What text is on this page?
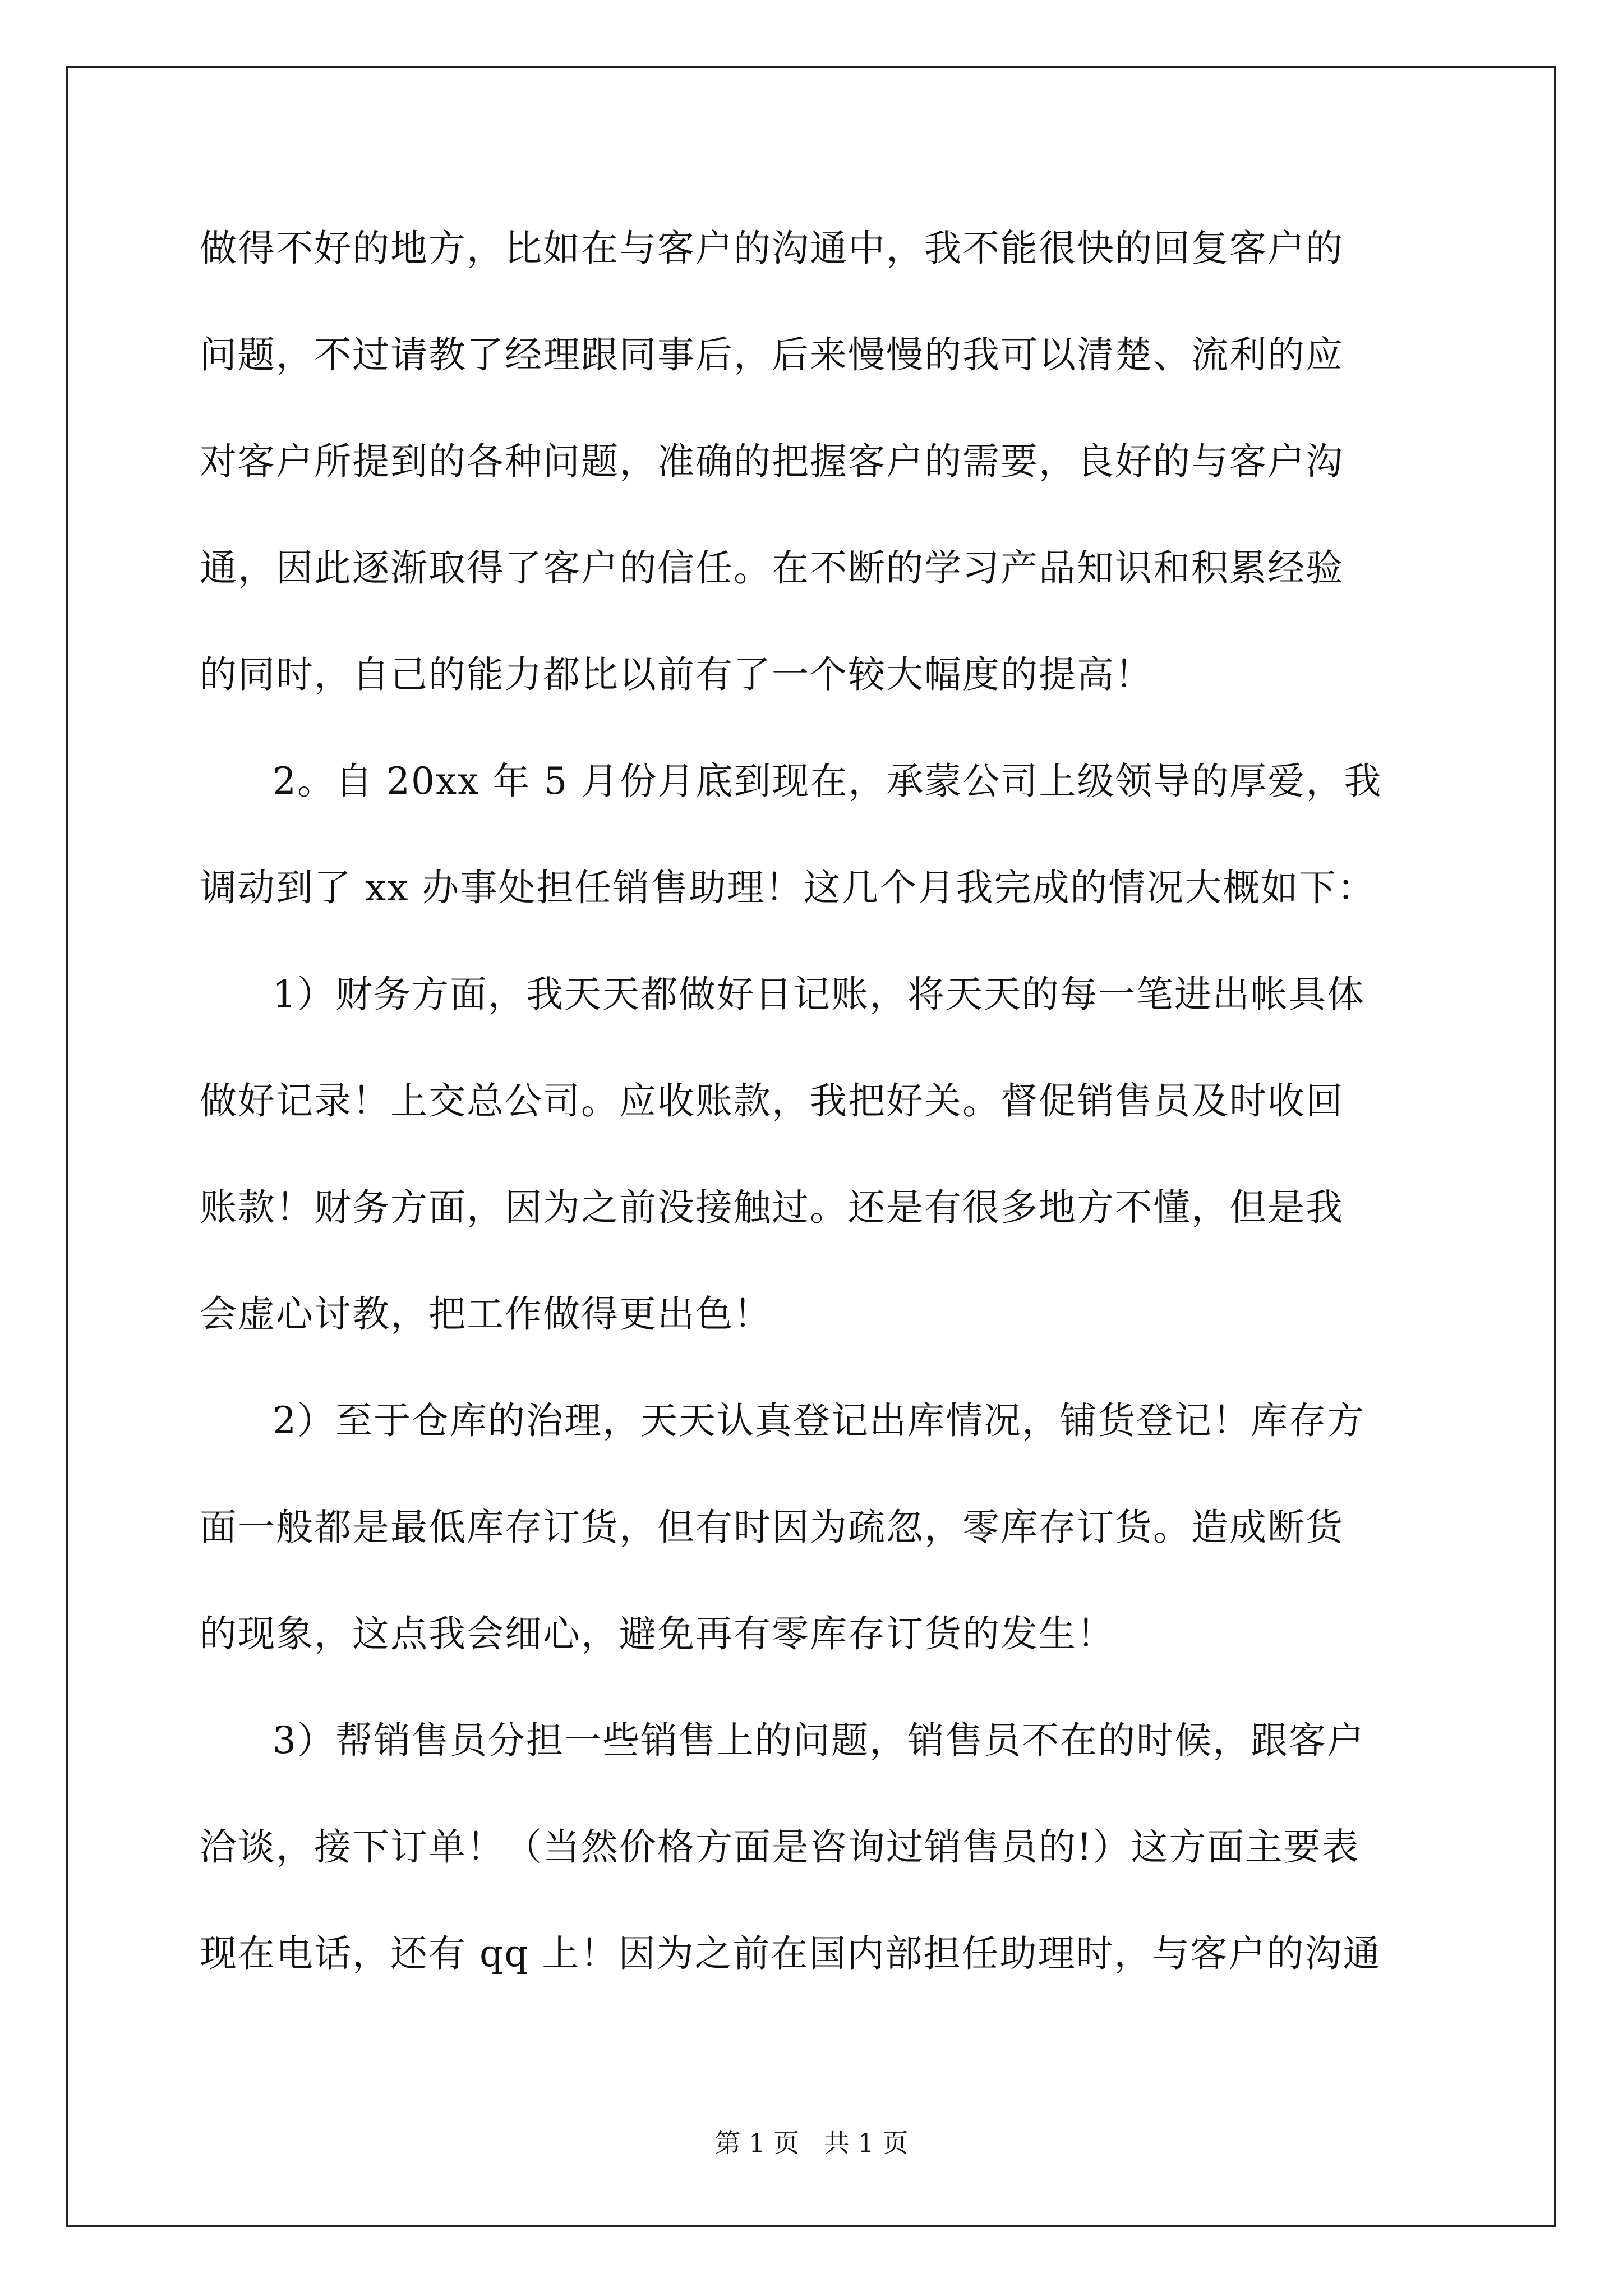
做得不好的地方，比如在与客户的沟通中，我不能很快的回复客户的
问题，不过请教了经理跟同事后，后来慢慢的我可以清楚、流利的应
对客户所提到的各种问题，准确的把握客户的需要，良好的与客户沟
通，因此逐渐取得了客户的信任。在不断的学习产品知识和积累经验
的同时，自己的能力都比以前有了一个较大幅度的提高！
2。自 20xx 年 5 月份月底到现在，承蒙公司上级领导的厚爱，我
调动到了 xx 办事处担任销售助理！这几个月我完成的情况大概如下：
1）财务方面，我天天都做好日记账，将天天的每一笔进出帐具体
做好记录！上交总公司。应收账款，我把好关。督促销售员及时收回
账款！财务方面，因为之前没接触过。还是有很多地方不懂，但是我
会虚心讨教，把工作做得更出色！
2）至于仓库的治理，天天认真登记出库情况，铺货登记！库存方
面一般都是最低库存订货，但有时因为疏忽，零库存订货。造成断货
的现象，这点我会细心，避免再有零库存订货的发生！
3）帮销售员分担一些销售上的问题，销售员不在的时候，跟客户
洽谈，接下订单！（当然价格方面是咨询过销售员的!）这方面主要表
现在电话，还有 qq 上！因为之前在国内部担任助理时，与客户的沟通
第 1 页   共 1 页
